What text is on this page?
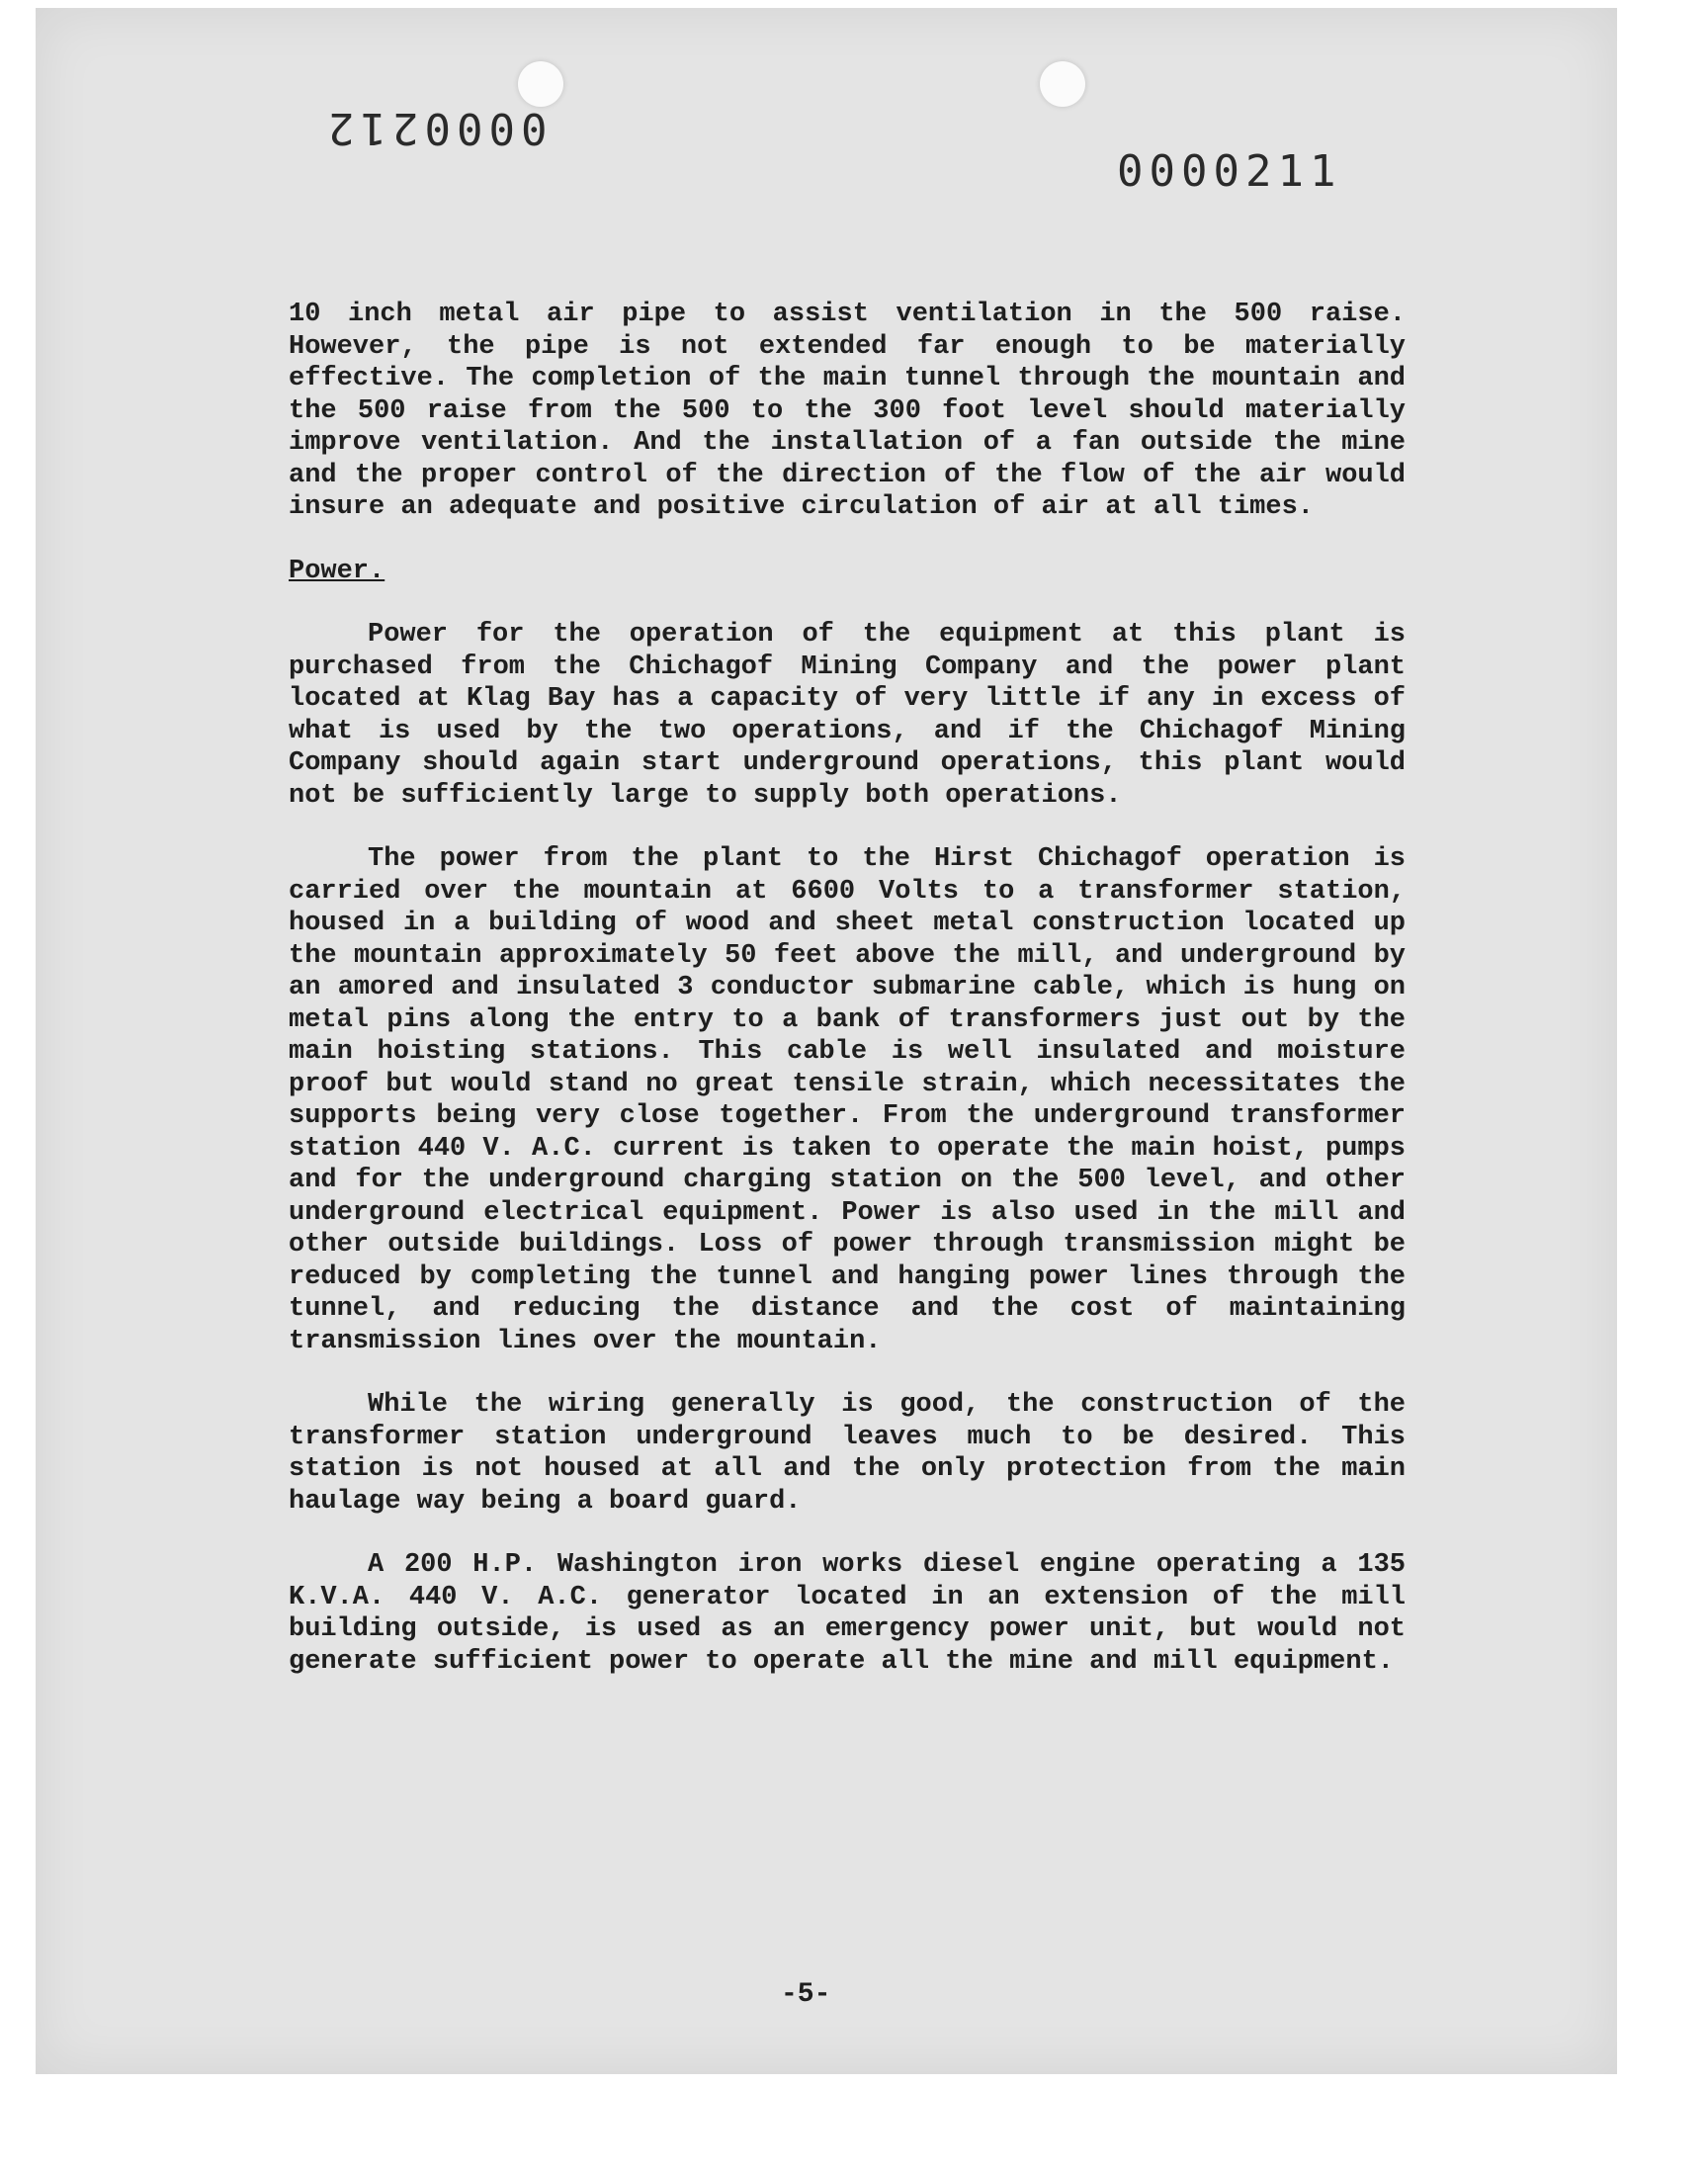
0000212
0000211

10 inch metal air pipe to assist ventilation in the 500 raise. However, the pipe is not extended far enough to be materially effective. The completion of the main tunnel through the mountain and the 500 raise from the 500 to the 300 foot level should materially improve ventilation. And the installation of a fan outside the mine and the proper control of the direction of the flow of the air would insure an adequate and positive circulation of air at all times.

Power.

Power for the operation of the equipment at this plant is purchased from the Chichagof Mining Company and the power plant located at Klag Bay has a capacity of very little if any in excess of what is used by the two operations, and if the Chichagof Mining Company should again start underground operations, this plant would not be sufficiently large to supply both operations.

The power from the plant to the Hirst Chichagof operation is carried over the mountain at 6600 Volts to a transformer station, housed in a building of wood and sheet metal construction located up the mountain approximately 50 feet above the mill, and underground by an amored and insulated 3 conductor submarine cable, which is hung on metal pins along the entry to a bank of transformers just out by the main hoisting stations. This cable is well insulated and moisture proof but would stand no great tensile strain, which necessitates the supports being very close together. From the underground transformer station 440 V. A.C. current is taken to operate the main hoist, pumps and for the underground charging station on the 500 level, and other underground electrical equipment. Power is also used in the mill and other outside buildings. Loss of power through transmission might be reduced by completing the tunnel and hanging power lines through the tunnel, and reducing the distance and the cost of maintaining transmission lines over the mountain.

While the wiring generally is good, the construction of the transformer station underground leaves much to be desired. This station is not housed at all and the only protection from the main haulage way being a board guard.

A 200 H.P. Washington iron works diesel engine operating a 135 K.V.A. 440 V. A.C. generator located in an extension of the mill building outside, is used as an emergency power unit, but would not generate sufficient power to operate all the mine and mill equipment.

-5-
